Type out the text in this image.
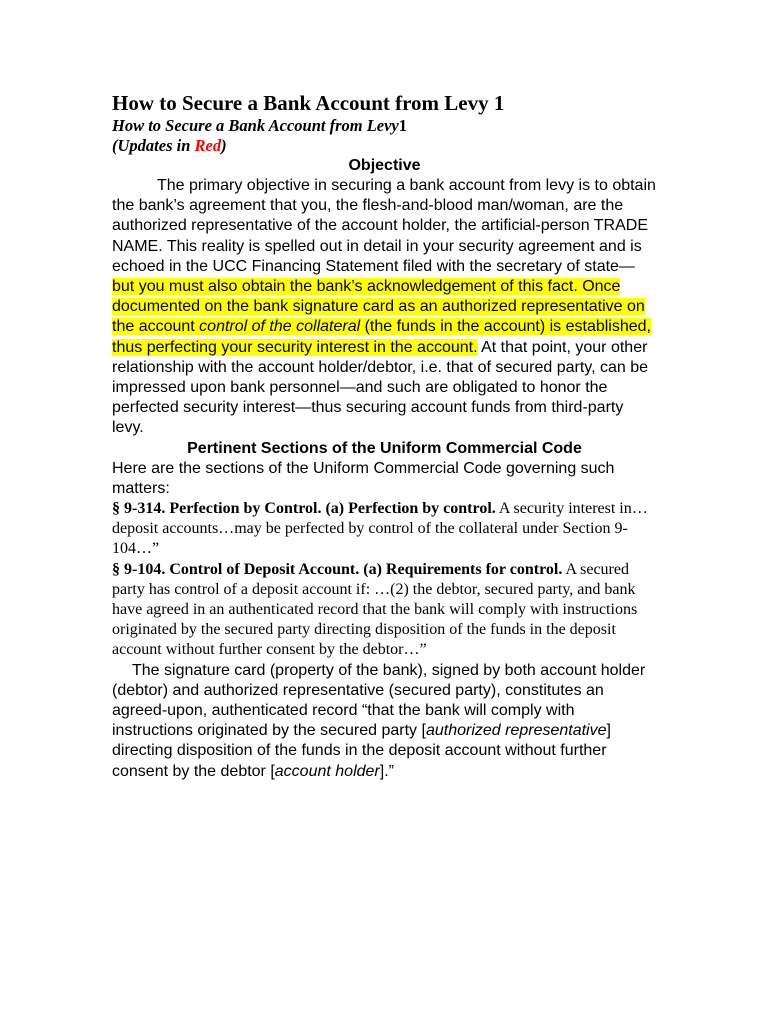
How to Secure a Bank Account from Levy 1

How to Secure a Bank Account from Levy1

(Updates in Red)

Objective

The primary objective in securing a bank account from levy is to obtain the bank’s agreement that you, the flesh-and-blood man/woman, are the authorized representative of the account holder, the artificial-person TRADE NAME. This reality is spelled out in detail in your security agreement and is echoed in the UCC Financing Statement filed with the secretary of state—but you must also obtain the bank’s acknowledgement of this fact. Once documented on the bank signature card as an authorized representative on the account control of the collateral (the funds in the account) is established, thus perfecting your security interest in the account. At that point, your other relationship with the account holder/debtor, i.e. that of secured party, can be impressed upon bank personnel—and such are obligated to honor the perfected security interest—thus securing account funds from third-party levy.

Pertinent Sections of the Uniform Commercial Code

Here are the sections of the Uniform Commercial Code governing such matters:

§ 9-314. Perfection by Control. (a) Perfection by control. A security interest in…deposit accounts…may be perfected by control of the collateral under Section 9-104…”

§ 9-104. Control of Deposit Account. (a) Requirements for control. A secured party has control of a deposit account if: …(2) the debtor, secured party, and bank have agreed in an authenticated record that the bank will comply with instructions originated by the secured party directing disposition of the funds in the deposit account without further consent by the debtor…”

The signature card (property of the bank), signed by both account holder (debtor) and authorized representative (secured party), constitutes an agreed-upon, authenticated record “that the bank will comply with instructions originated by the secured party [authorized representative] directing disposition of the funds in the deposit account without further consent by the debtor [account holder].”
